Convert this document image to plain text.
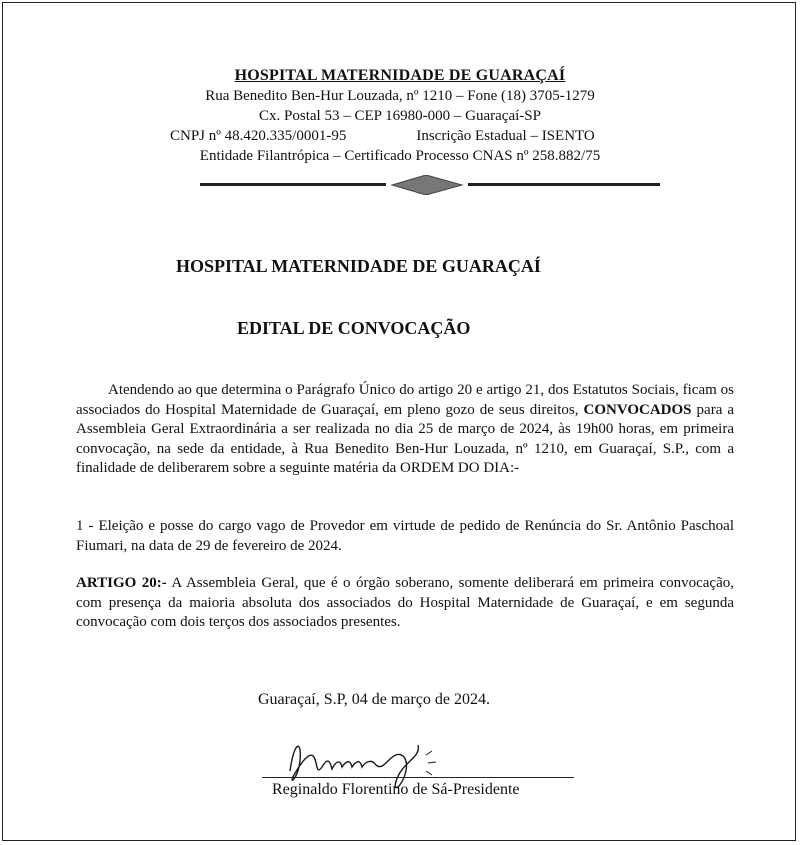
HOSPITAL MATERNIDADE DE GUARAÇAÍ
Rua Benedito Ben-Hur Louzada, nº 1210 – Fone (18) 3705-1279
Cx. Postal 53 – CEP 16980-000 – Guaraçaí-SP
CNPJ nº 48.420.335/0001-95	Inscrição Estadual – ISENTO
Entidade Filantrópica – Certificado Processo CNAS nº 258.882/75
HOSPITAL MATERNIDADE DE GUARAÇAÍ
EDITAL DE CONVOCAÇÃO
Atendendo ao que determina o Parágrafo Único do artigo 20 e artigo 21, dos Estatutos Sociais, ficam os associados do Hospital Maternidade de Guaraçaí, em pleno gozo de seus direitos, CONVOCADOS para a Assembleia Geral Extraordinária a ser realizada no dia 25 de março de 2024, às 19h00 horas, em primeira convocação, na sede da entidade, à Rua Benedito Ben-Hur Louzada, nº 1210, em Guaraçaí, S.P., com a finalidade de deliberarem sobre a seguinte matéria da ORDEM DO DIA:-
1 - Eleição e posse do cargo vago de Provedor em virtude de pedido de Renúncia do Sr. Antônio Paschoal Fiumari, na data de 29 de fevereiro de 2024.
ARTIGO 20:- A Assembleia Geral, que é o órgão soberano, somente deliberará em primeira convocação, com presença da maioria absoluta dos associados do Hospital Maternidade de Guaraçaí, e em segunda convocação com dois terços dos associados presentes.
Guaraçaí, S.P, 04 de março de 2024.
Reginaldo Florentino de Sá-Presidente
